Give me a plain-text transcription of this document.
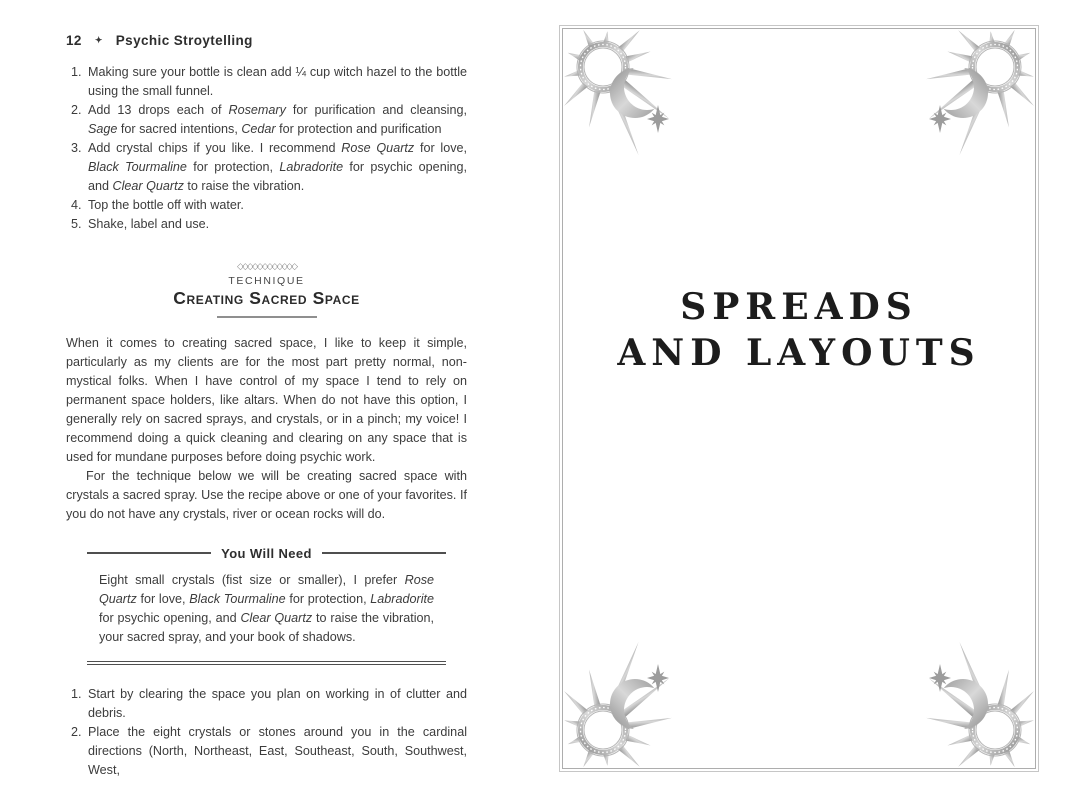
12 ✦ Psychic Stroytelling
1. Making sure your bottle is clean add ¼ cup witch hazel to the bottle using the small funnel.
2. Add 13 drops each of Rosemary for purification and cleansing, Sage for sacred intentions, Cedar for protection and purification
3. Add crystal chips if you like. I recommend Rose Quartz for love, Black Tourmaline for protection, Labradorite for psychic opening, and Clear Quartz to raise the vibration.
4. Top the bottle off with water.
5. Shake, label and use.
◇◇◇◇◇◇◇◇◇◇◇◇
TECHNIQUE
Creating Sacred Space

When it comes to creating sacred space, I like to keep it simple, particularly as my clients are for the most part pretty normal, non-mystical folks. When I have control of my space I tend to rely on permanent space holders, like altars. When do not have this option, I generally rely on sacred sprays, and crystals, or in a pinch; my voice! I recommend doing a quick cleaning and clearing on any space that is used for mundane purposes before doing psychic work.

For the technique below we will be creating sacred space with crystals a sacred spray. Use the recipe above or one of your favorites. If you do not have any crystals, river or ocean rocks will do.

You Will Need
Eight small crystals (fist size or smaller), I prefer Rose Quartz for love, Black Tourmaline for protection, Labradorite for psychic opening, and Clear Quartz to raise the vibration, your sacred spray, and your book of shadows.
1. Start by clearing the space you plan on working in of clutter and debris.
2. Place the eight crystals or stones around you in the cardinal directions (North, Northeast, East, Southeast, South, Southwest, West,
SPREADS
AND LAYOUTS
